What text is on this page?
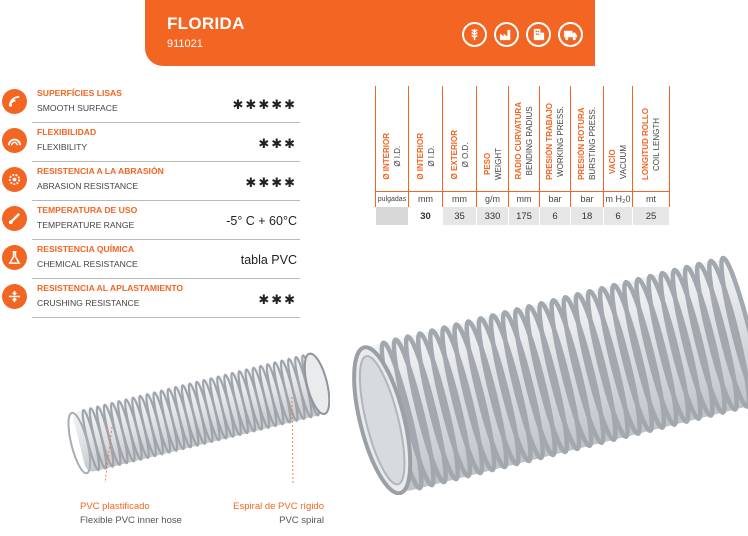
FLORIDA
911021
SUPERFÍCIES LISAS
SMOOTH SURFACE	✱✱✱✱✱
FLEXIBILIDAD
FLEXIBILITY	✱✱✱
RESISTENCIA A LA ABRASIÓN
ABRASION RESISTANCE	✱✱✱✱
TEMPERATURA DE USO
TEMPERATURE RANGE	-5° C + 60°C
RESISTENCIA QUÍMICA
CHEMICAL RESISTANCE	tabla PVC
RESISTENCIA AL APLASTAMIENTO
CRUSHING RESISTANCE	✱✱✱
Ø INTERIOR Ø I.D.	Ø INTERIOR Ø I.D.	Ø EXTERIOR Ø O.D.	PESO WEIGHT	RADIO CURVATURA BENDING RADIUS	PRESIÓN TRABAJO WORKING PRESS.	PRESIÓN ROTURA BURSTING PRESS.	VACÍO VACUUM	LONGITUD ROLLO COIL LENGTH
pulgadas	mm	mm	g/m	mm	bar	bar	m H₂0	mt
	30	35	330	175	6	18	6	25
PVC plastificado
Flexible PVC inner hose
Espiral de PVC rígido
PVC spiral
